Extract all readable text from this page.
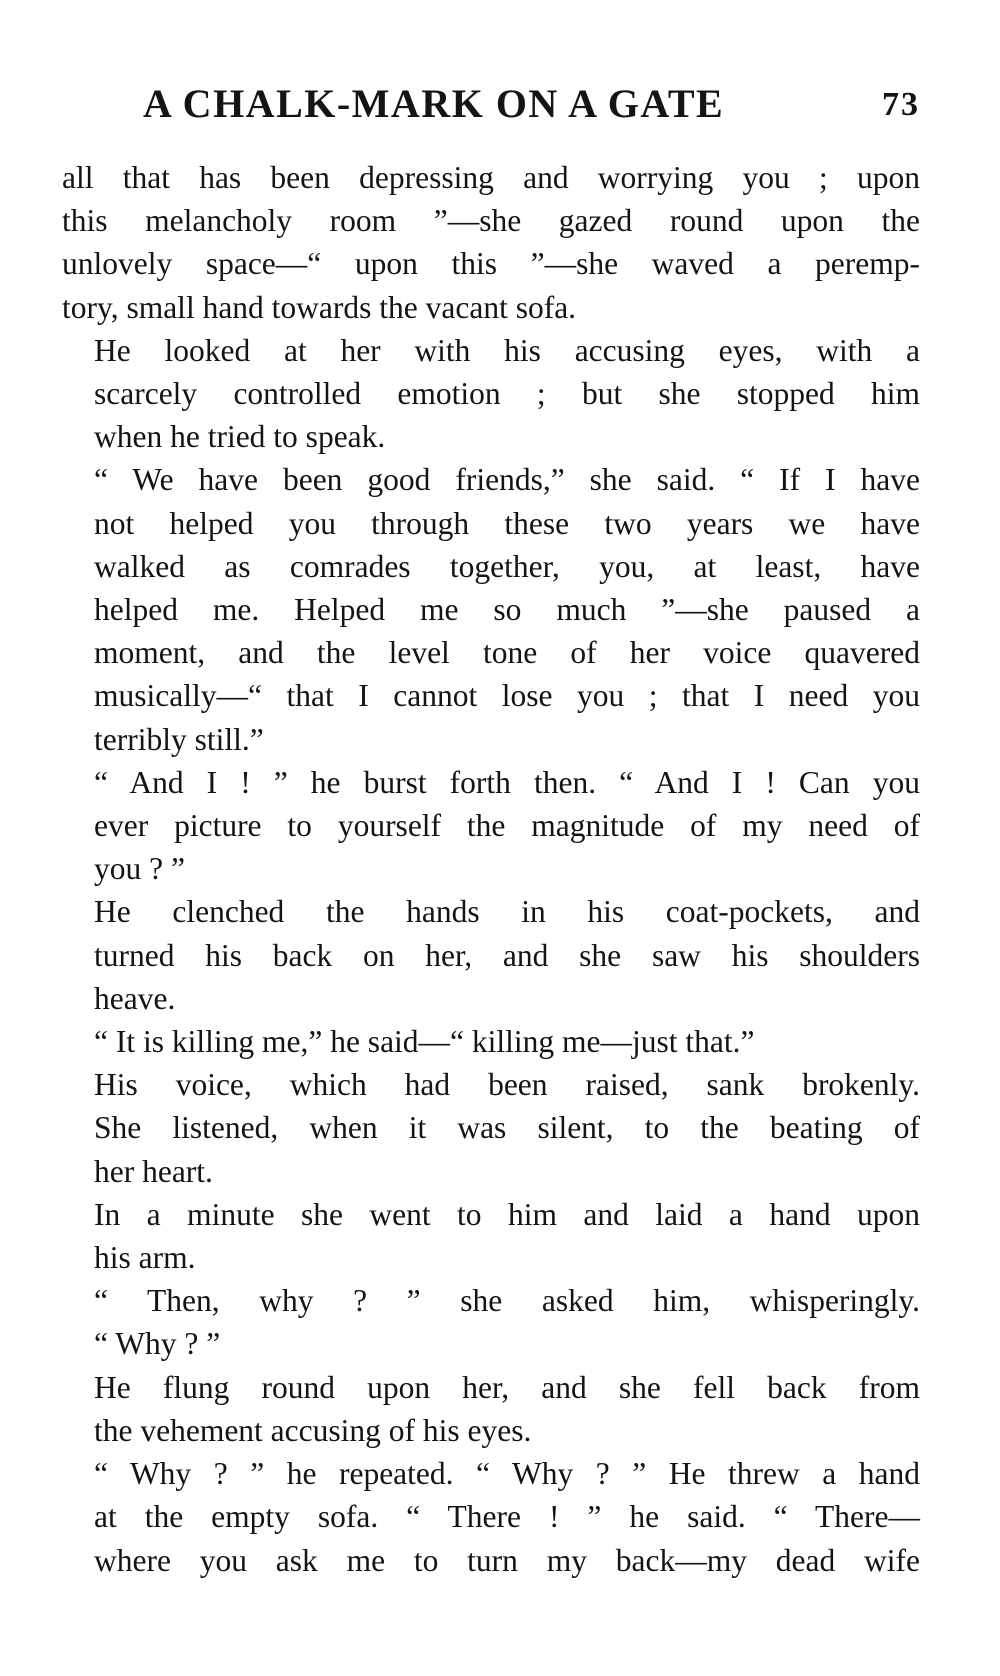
A CHALK-MARK ON A GATE	73

all that has been depressing and worrying you ; upon
this melancholy room ”—she gazed round upon the
unlovely space—“ upon this ”—she waved a peremp-
tory, small hand towards the vacant sofa.

He looked at her with his accusing eyes, with a
scarcely controlled emotion ; but she stopped him
when he tried to speak.

“ We have been good friends,” she said. “ If I have
not helped you through these two years we have
walked as comrades together, you, at least, have
helped me. Helped me so much ”—she paused a
moment, and the level tone of her voice quavered
musically—“ that I cannot lose you ; that I need you
terribly still.”

“ And I ! ” he burst forth then. “ And I ! Can you
ever picture to yourself the magnitude of my need of
you ? ”

He clenched the hands in his coat-pockets, and
turned his back on her, and she saw his shoulders
heave.

“ It is killing me,” he said—“ killing me—just that.”

His voice, which had been raised, sank brokenly.
She listened, when it was silent, to the beating of
her heart.

In a minute she went to him and laid a hand upon
his arm.

“ Then, why ? ” she asked him, whisperingly.
“ Why ? ”

He flung round upon her, and she fell back from
the vehement accusing of his eyes.

“ Why ? ” he repeated. “ Why ? ” He threw a hand
at the empty sofa. “ There ! ” he said. “ There—
where you ask me to turn my back—my dead wife
